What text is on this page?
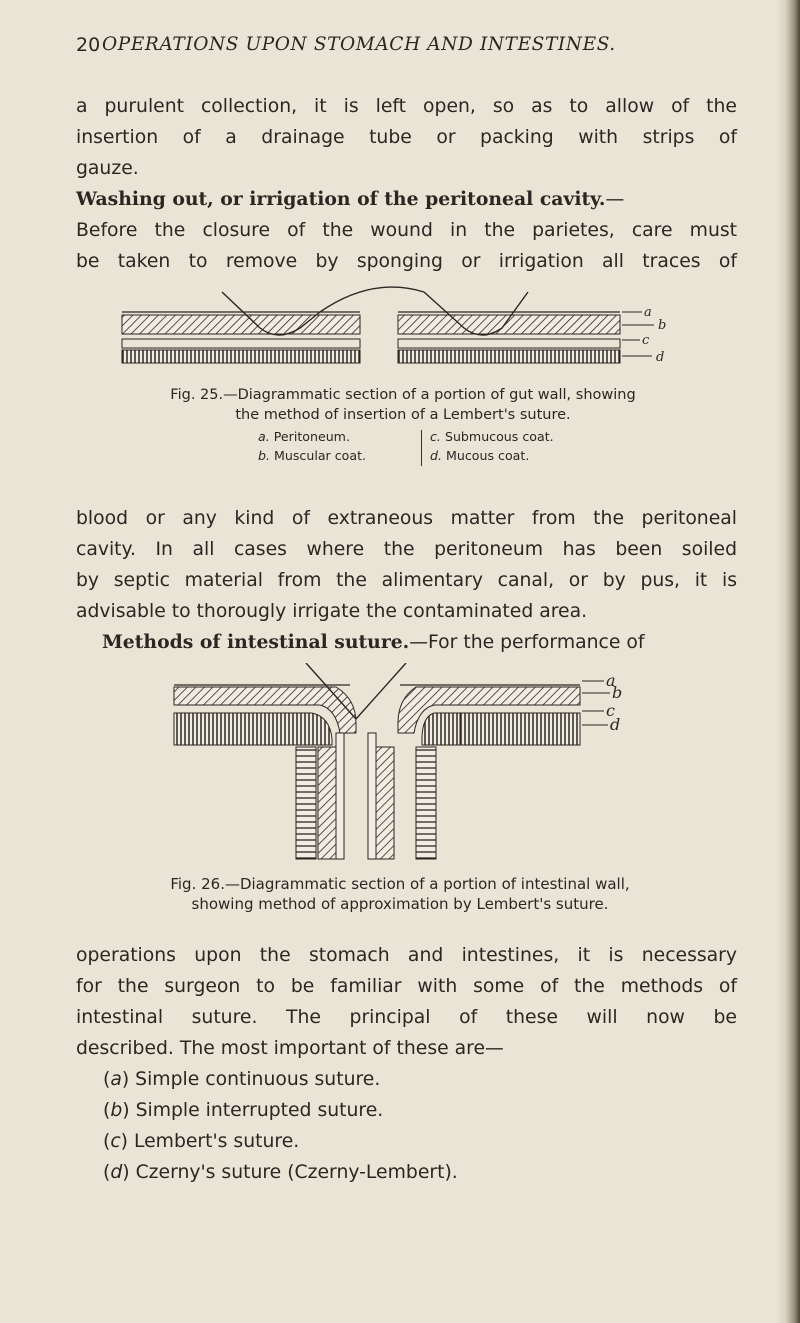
20 OPERATIONS UPON STOMACH AND INTESTINES.
a purulent collection, it is left open, so as to allow of the
insertion of a drainage tube or packing with strips of
gauze.
Washing out, or irrigation of the peritoneal cavity.—
Before the closure of the wound in the parietes, care must
be taken to remove by sponging or irrigation all traces of
a
b
c
d
Fig. 25.—Diagrammatic section of a portion of gut wall, showing
the method of insertion of a Lembert's suture.
a. Peritoneum.
b. Muscular coat.
c. Submucous coat.
d. Mucous coat.
blood or any kind of extraneous matter from the peritoneal
cavity. In all cases where the peritoneum has been soiled
by septic material from the alimentary canal, or by pus, it is
advisable to thorougly irrigate the contaminated area.
Methods of intestinal suture.—For the performance of
a
b
c
d
Fig. 26.—Diagrammatic section of a portion of intestinal wall,
showing method of approximation by Lembert's suture.
operations upon the stomach and intestines, it is necessary
for the surgeon to be familiar with some of the methods of
intestinal suture. The principal of these will now be
described. The most important of these are—
(a) Simple continuous suture.
(b) Simple interrupted suture.
(c) Lembert's suture.
(d) Czerny's suture (Czerny-Lembert).
